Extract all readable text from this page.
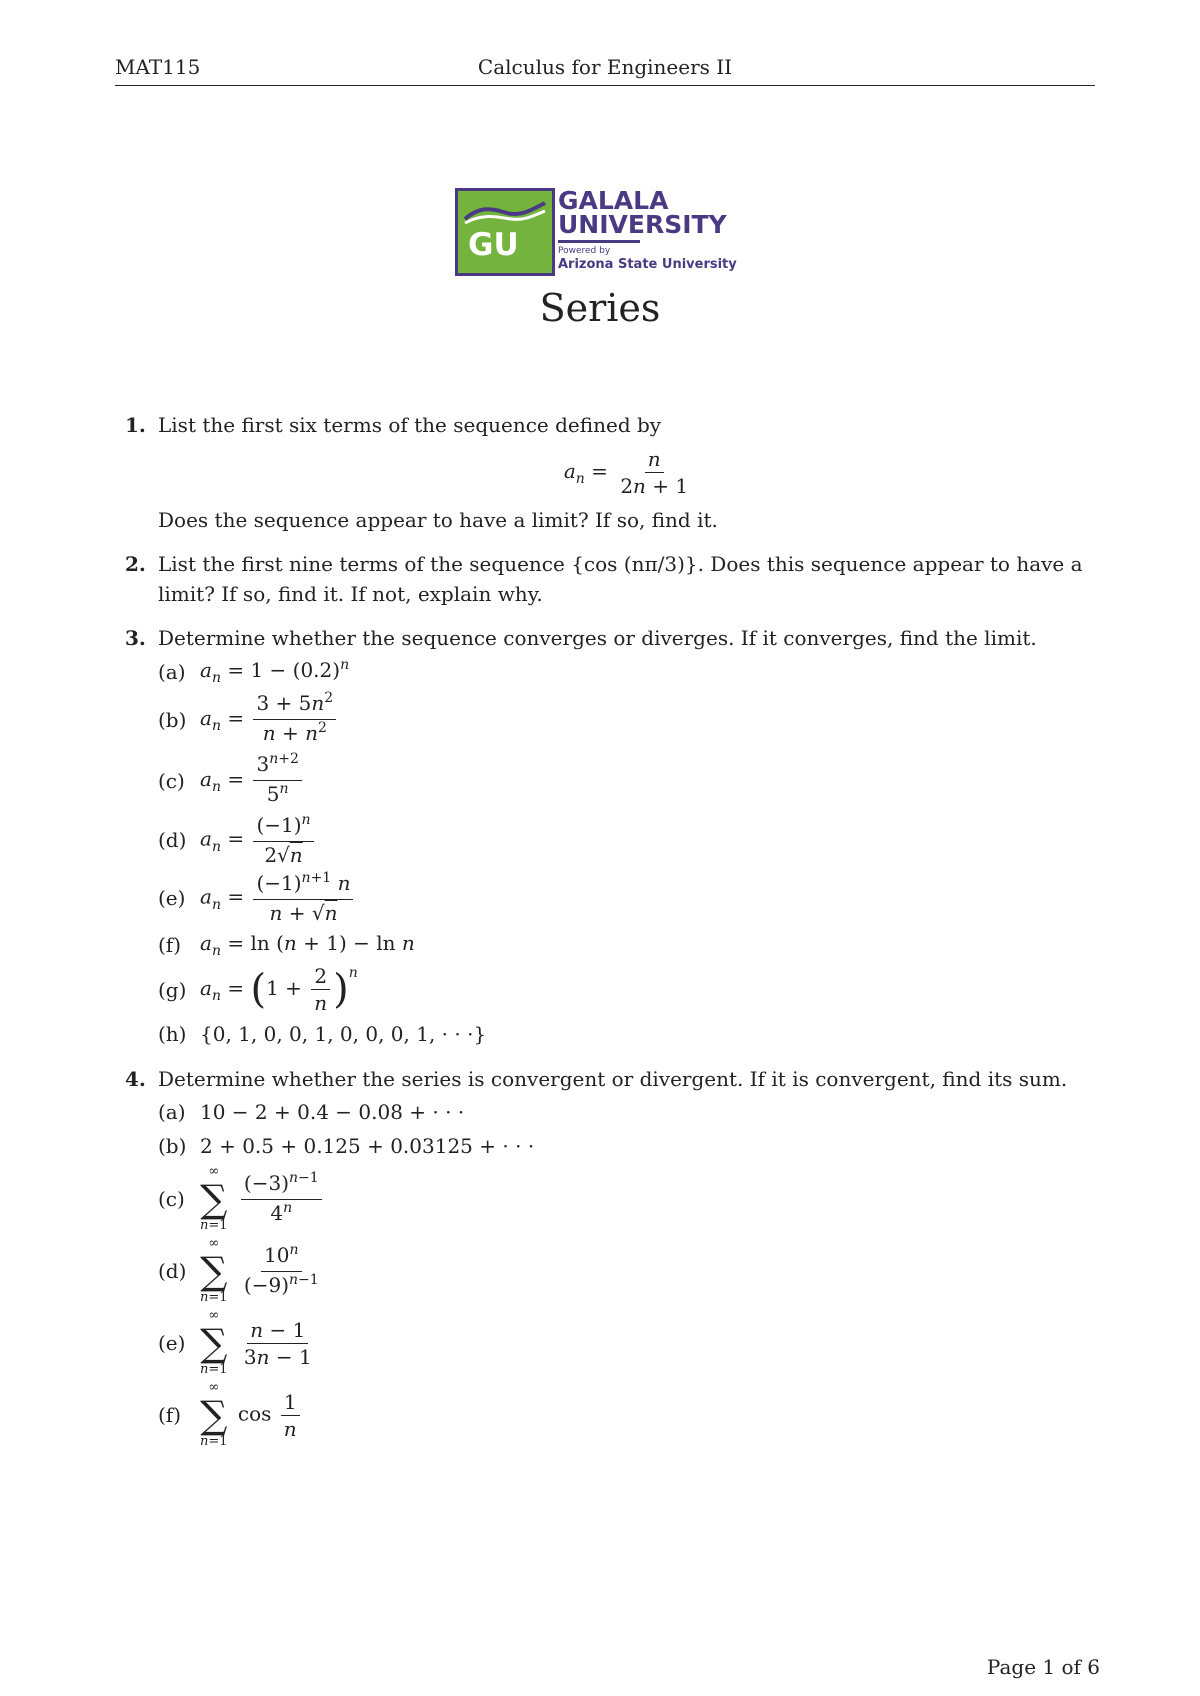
MAT115	Calculus for Engineers II
GU
GALALA
UNIVERSITY
Powered by
Arizona State University
Series
1. List the first six terms of the sequence defined by

an = $\frac{n}{2n + 1}$

Does the sequence appear to have a limit? If so, find it.

2. List the first nine terms of the sequence {cos (nπ/3)}. Does this sequence appear to have a limit? If so, find it. If not, explain why.

3. Determine whether the sequence converges or diverges. If it converges, find the limit.

(a) an = 1 − (0.2)n
(b) an = $\frac{3 + 5n2}{n + n2}$
(c) an = $\frac{3n+2}{5n}$
(d) an = $\frac{(-1)n}{2√n}$
(e) an = $\frac{(-1)n+1 n}{n + √n}$
(f) an = ln (n + 1) − ln n
(g) an = $(1 + \frac{2}{n} )n$
(h) {0, 1, 0, 0, 1, 0, 0, 0, 1, · · ·}
4. Determine whether the series is convergent or divergent. If it is convergent, find its sum.

(a) 10 − 2 + 0.4 − 0.08 + · · ·
(b) 2 + 0.5 + 0.125 + 0.03125 + · · ·
(c)
∞
∑
n=1
$\frac{(-3)n-1}{4n}$
(d)
∞
∑
n=1
$\frac{10n}{(-9)n-1}$
(e)
∞
∑
n=1
$\frac{n - 1}{3n - 1}$
(f)
∞
∑
n=1
$\cos \frac{1}{n}$
Page 1 of 6
